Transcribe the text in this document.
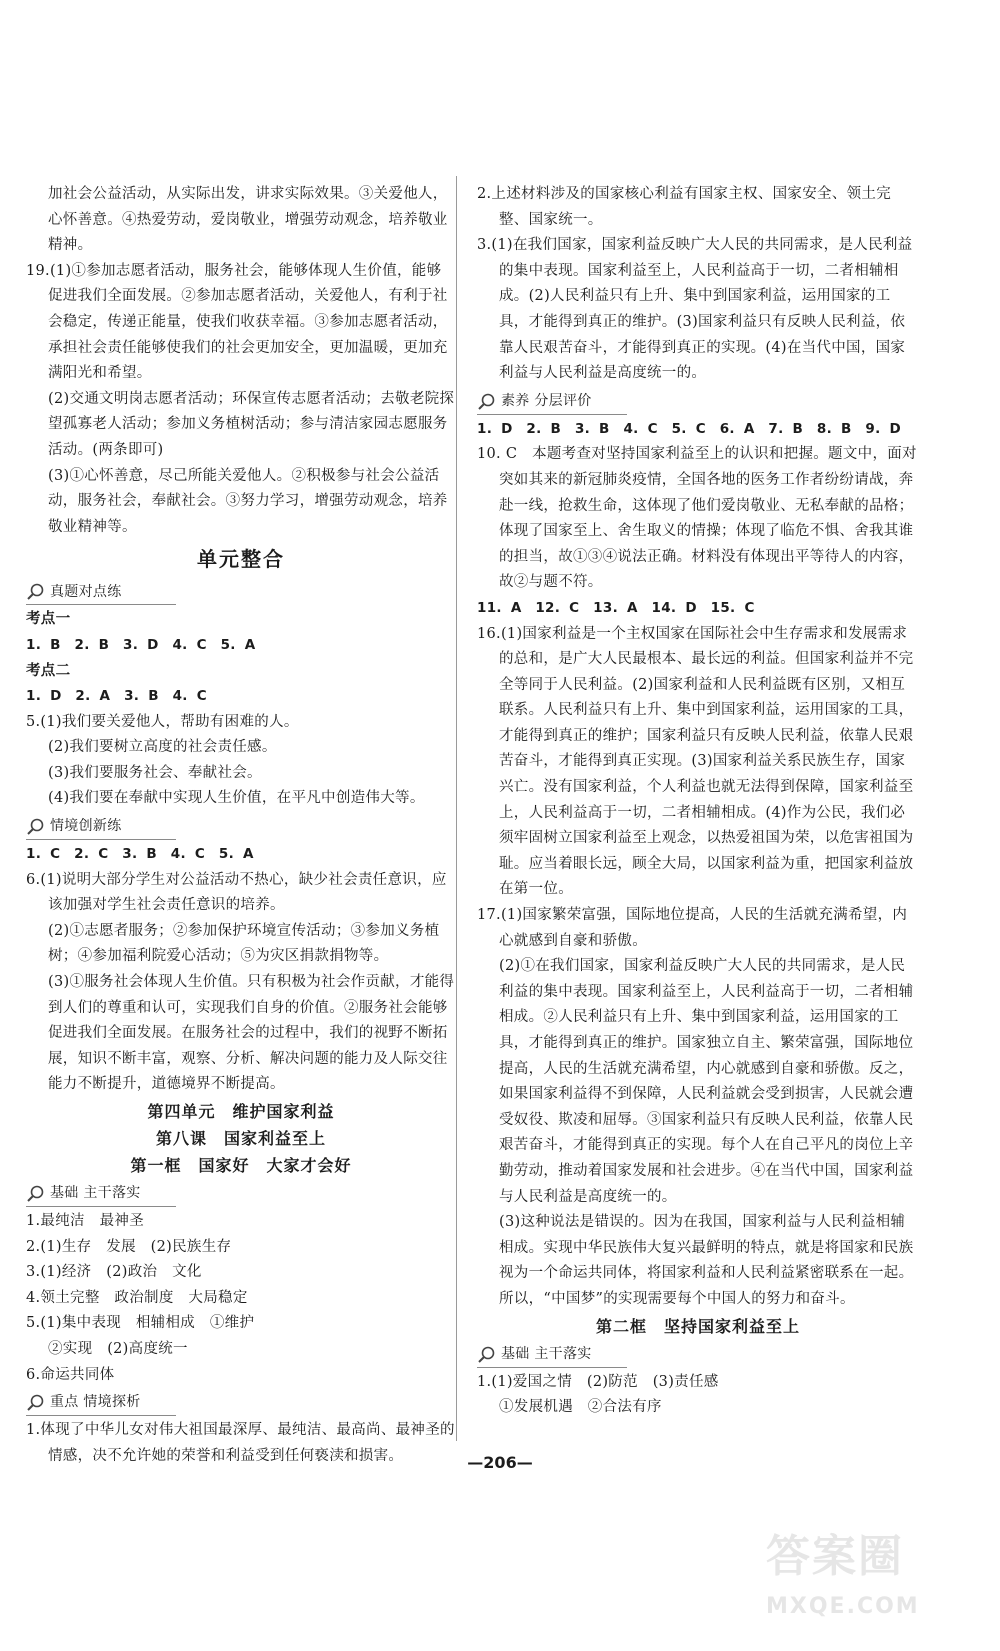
加社会公益活动，从实际出发，讲求实际效果。③关爱他人，心怀善意。④热爱劳动，爱岗敬业，增强劳动观念，培养敬业精神。

19.(1)①参加志愿者活动，服务社会，能够体现人生价值，能够促进我们全面发展。②参加志愿者活动，关爱他人，有利于社会稳定，传递正能量，使我们收获幸福。③参加志愿者活动，承担社会责任能够使我们的社会更加安全，更加温暖，更加充满阳光和希望。

(2)交通文明岗志愿者活动；环保宣传志愿者活动；去敬老院探望孤寡老人活动；参加义务植树活动；参与清洁家园志愿服务活动。(两条即可)

(3)①心怀善意，尽己所能关爱他人。②积极参与社会公益活动，服务社会，奉献社会。③努力学习，增强劳动观念，培养敬业精神等。

单元整合
真题对点练

考点一

1. B　2. B　3. D　4. C　5. A

考点二

1. D　2. A　3. B　4. C

5.(1)我们要关爱他人，帮助有困难的人。

(2)我们要树立高度的社会责任感。

(3)我们要服务社会、奉献社会。

(4)我们要在奉献中实现人生价值，在平凡中创造伟大等。

情境创新练

1. C　2. C　3. B　4. C　5. A

6.(1)说明大部分学生对公益活动不热心，缺少社会责任意识，应该加强对学生社会责任意识的培养。

(2)①志愿者服务；②参加保护环境宣传活动；③参加义务植树；④参加福利院爱心活动；⑤为灾区捐款捐物等。

(3)①服务社会体现人生价值。只有积极为社会作贡献，才能得到人们的尊重和认可，实现我们自身的价值。②服务社会能够促进我们全面发展。在服务社会的过程中，我们的视野不断拓展，知识不断丰富，观察、分析、解决问题的能力及人际交往能力不断提升，道德境界不断提高。

第四单元　维护国家利益
第八课　国家利益至上
第一框　国家好　大家才会好
基础 主干落实

1.最纯洁　最神圣

2.(1)生存　发展　(2)民族生存

3.(1)经济　(2)政治　文化

4.领土完整　政治制度　大局稳定

5.(1)集中表现　相辅相成　①维护

②实现　(2)高度统一

6.命运共同体

重点 情境探析

1.体现了中华儿女对伟大祖国最深厚、最纯洁、最高尚、最神圣的情感，决不允许她的荣誉和利益受到任何亵渎和损害。

2.上述材料涉及的国家核心利益有国家主权、国家安全、领土完整、国家统一。

3.(1)在我们国家，国家利益反映广大人民的共同需求，是人民利益的集中表现。国家利益至上，人民利益高于一切，二者相辅相成。(2)人民利益只有上升、集中到国家利益，运用国家的工具，才能得到真正的维护。(3)国家利益只有反映人民利益，依靠人民艰苦奋斗，才能得到真正的实现。(4)在当代中国，国家利益与人民利益是高度统一的。

素养 分层评价

1. D　2. B　3. B　4. C　5. C　6. A　7. B　8. B　9. D

10. C　本题考查对坚持国家利益至上的认识和把握。题文中，面对突如其来的新冠肺炎疫情，全国各地的医务工作者纷纷请战，奔赴一线，抢救生命，这体现了他们爱岗敬业、无私奉献的品格；体现了国家至上、舍生取义的情操；体现了临危不惧、舍我其谁的担当，故①③④说法正确。材料没有体现出平等待人的内容，故②与题不符。

11. A　12. C　13. A　14. D　15. C

16.(1)国家利益是一个主权国家在国际社会中生存需求和发展需求的总和，是广大人民最根本、最长远的利益。但国家利益并不完全等同于人民利益。(2)国家利益和人民利益既有区别，又相互联系。人民利益只有上升、集中到国家利益，运用国家的工具，才能得到真正的维护；国家利益只有反映人民利益，依靠人民艰苦奋斗，才能得到真正实现。(3)国家利益关系民族生存，国家兴亡。没有国家利益，个人利益也就无法得到保障，国家利益至上，人民利益高于一切，二者相辅相成。(4)作为公民，我们必须牢固树立国家利益至上观念，以热爱祖国为荣，以危害祖国为耻。应当着眼长远，顾全大局，以国家利益为重，把国家利益放在第一位。

17.(1)国家繁荣富强，国际地位提高，人民的生活就充满希望，内心就感到自豪和骄傲。

(2)①在我们国家，国家利益反映广大人民的共同需求，是人民利益的集中表现。国家利益至上，人民利益高于一切，二者相辅相成。②人民利益只有上升、集中到国家利益，运用国家的工具，才能得到真正的维护。国家独立自主、繁荣富强，国际地位提高，人民的生活就充满希望，内心就感到自豪和骄傲。反之，如果国家利益得不到保障，人民利益就会受到损害，人民就会遭受奴役、欺凌和屈辱。③国家利益只有反映人民利益，依靠人民艰苦奋斗，才能得到真正的实现。每个人在自己平凡的岗位上辛勤劳动，推动着国家发展和社会进步。④在当代中国，国家利益与人民利益是高度统一的。

(3)这种说法是错误的。因为在我国，国家利益与人民利益相辅相成。实现中华民族伟大复兴最鲜明的特点，就是将国家和民族视为一个命运共同体，将国家利益和人民利益紧密联系在一起。所以，“中国梦”的实现需要每个中国人的努力和奋斗。

第二框　坚持国家利益至上
基础 主干落实

1.(1)爱国之情　(2)防范　(3)责任感

①发展机遇　②合法有序

—206—
答案圈
MXQE.COM
